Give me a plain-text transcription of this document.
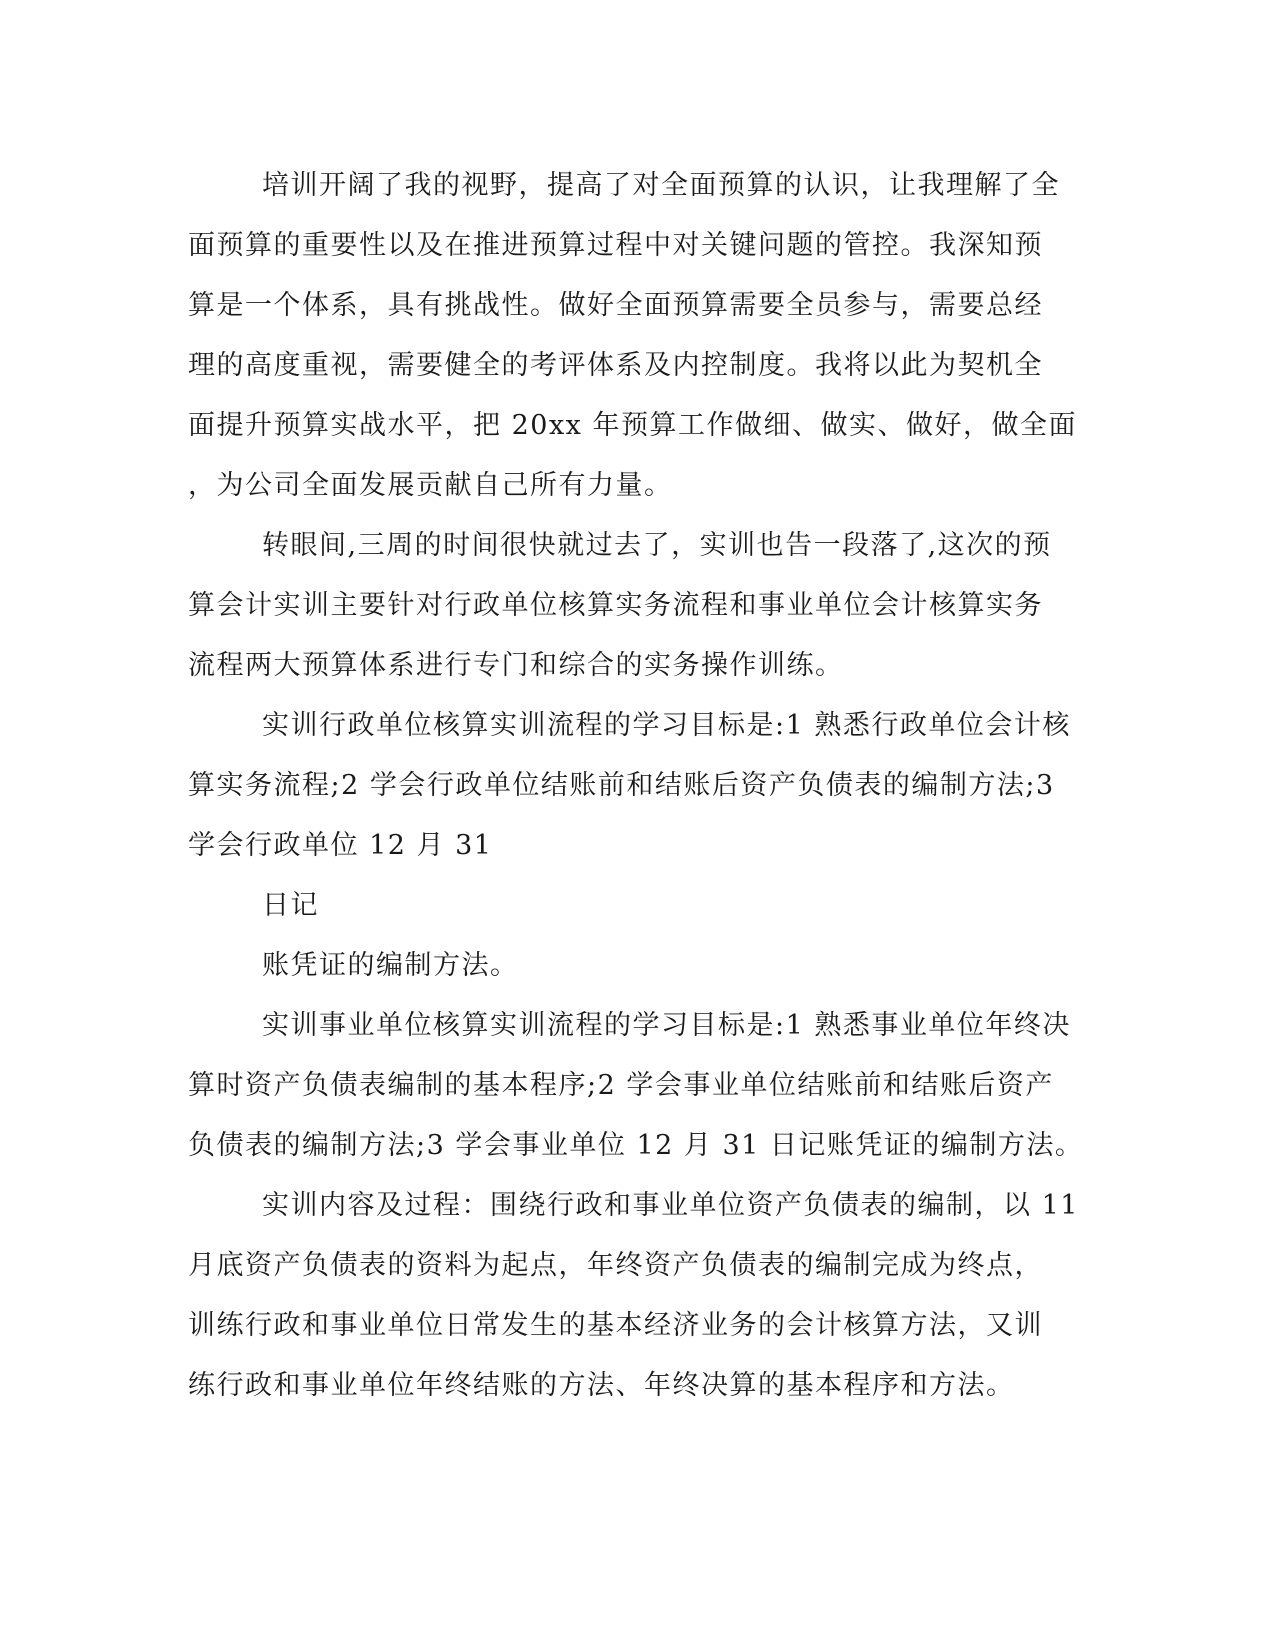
培训开阔了我的视野，提高了对全面预算的认识，让我理解了全

面预算的重要性以及在推进预算过程中对关键问题的管控。我深知预

算是一个体系，具有挑战性。做好全面预算需要全员参与，需要总经

理的高度重视，需要健全的考评体系及内控制度。我将以此为契机全

面提升预算实战水平，把 20xx 年预算工作做细、做实、做好，做全面

，为公司全面发展贡献自己所有力量。

转眼间,三周的时间很快就过去了，实训也告一段落了,这次的预

算会计实训主要针对行政单位核算实务流程和事业单位会计核算实务

流程两大预算体系进行专门和综合的实务操作训练。

实训行政单位核算实训流程的学习目标是:1 熟悉行政单位会计核

算实务流程;2 学会行政单位结账前和结账后资产负债表的编制方法;3

学会行政单位 12 月 31

日记

账凭证的编制方法。

实训事业单位核算实训流程的学习目标是:1 熟悉事业单位年终决

算时资产负债表编制的基本程序;2 学会事业单位结账前和结账后资产

负债表的编制方法;3 学会事业单位 12 月 31 日记账凭证的编制方法。

实训内容及过程：围绕行政和事业单位资产负债表的编制，以 11

月底资产负债表的资料为起点，年终资产负债表的编制完成为终点，

训练行政和事业单位日常发生的基本经济业务的会计核算方法，又训

练行政和事业单位年终结账的方法、年终决算的基本程序和方法。
